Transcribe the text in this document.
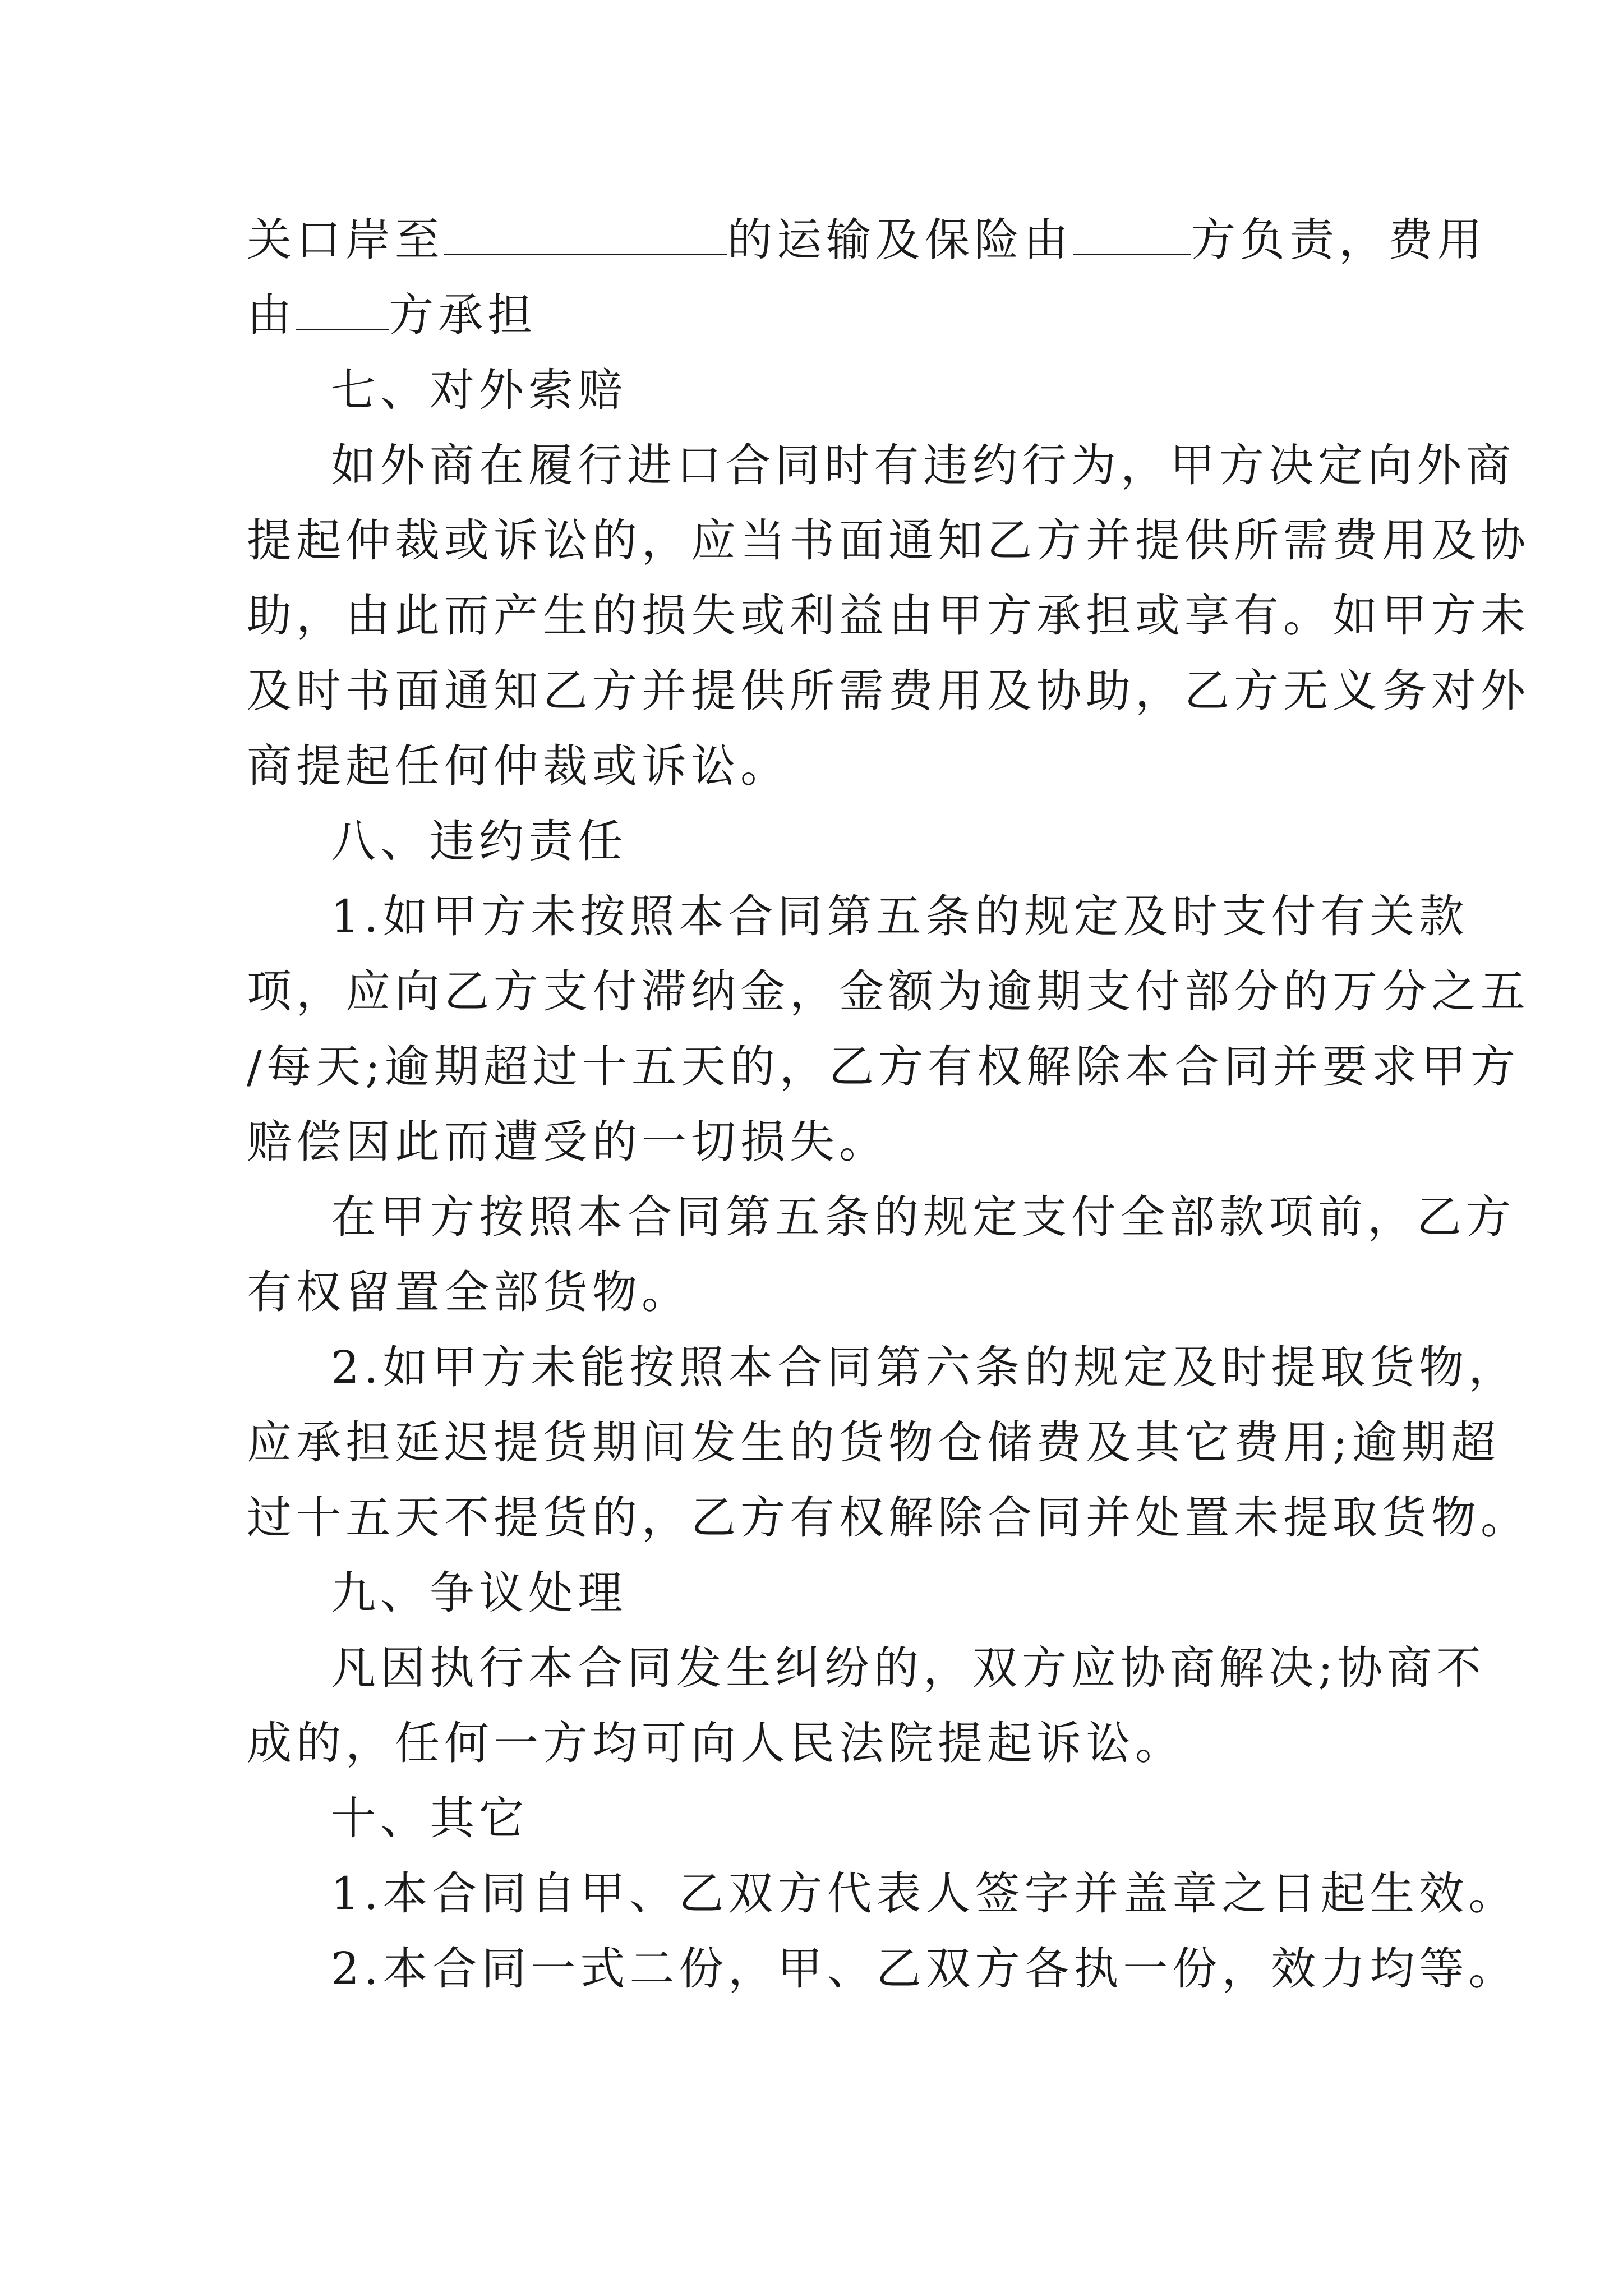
关口岸至	的运输及保险由	方负责，费用

由 方承担

七、对外索赔

如外商在履行进口合同时有违约行为，甲方决定向外商

提起仲裁或诉讼的，应当书面通知乙方并提供所需费用及协

助，由此而产生的损失或利益由甲方承担或享有。如甲方未

及时书面通知乙方并提供所需费用及协助，乙方无义务对外

商提起任何仲裁或诉讼。

八、违约责任

1.如甲方未按照本合同第五条的规定及时支付有关款

项，应向乙方支付滞纳金，金额为逾期支付部分的万分之五

/每天;逾期超过十五天的，乙方有权解除本合同并要求甲方

赔偿因此而遭受的一切损失。

在甲方按照本合同第五条的规定支付全部款项前，乙方

有权留置全部货物。

2.如甲方未能按照本合同第六条的规定及时提取货物，

应承担延迟提货期间发生的货物仓储费及其它费用;逾期超

过十五天不提货的，乙方有权解除合同并处置未提取货物。

九、争议处理

凡因执行本合同发生纠纷的，双方应协商解决;协商不

成的，任何一方均可向人民法院提起诉讼。

十、其它

1.本合同自甲、乙双方代表人签字并盖章之日起生效。

2.本合同一式二份，甲、乙双方各执一份，效力均等。
